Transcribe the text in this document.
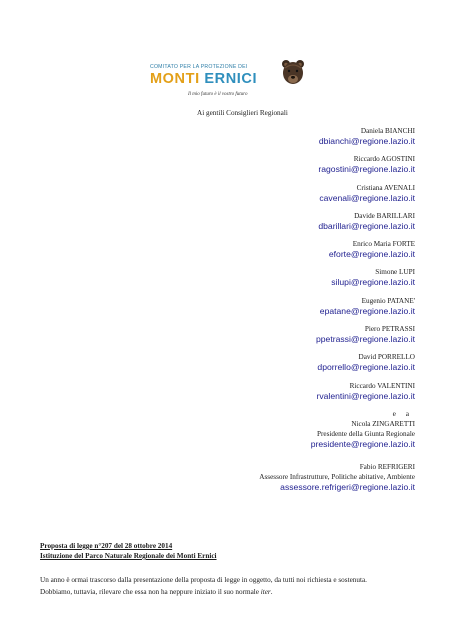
COMITATO PER LA PROTEZIONE DEI
MONTI ERNICI
Il mio futuro è il vostro futuro
Ai gentili Consiglieri Regionali
Daniela BIANCHI
dbianchi@regione.lazio.it
Riccardo AGOSTINI
ragostini@regione.lazio.it
Cristiana AVENALI
cavenali@regione.lazio.it
Davide BARILLARI
dbarillari@regione.lazio.it
Enrico Maria FORTE
eforte@regione.lazio.it
Simone LUPI
silupi@regione.lazio.it
Eugenio PATANE'
epatane@regione.lazio.it
Piero PETRASSI
ppetrassi@regione.lazio.it
David PORRELLO
dporrello@regione.lazio.it
Riccardo VALENTINI
rvalentini@regione.lazio.it
e a
Nicola ZINGARETTI
Presidente della Giunta Regionale
presidente@regione.lazio.it
Fabio REFRIGERI
Assessore Infrastrutture, Politiche abitative, Ambiente
assessore.refrigeri@regione.lazio.it
Proposta di legge n°207 del 28 ottobre 2014
Istituzione del Parco Naturale Regionale dei Monti Ernici
Un anno è ormai trascorso dalla presentazione della proposta di legge in oggetto, da tutti noi richiesta e sostenuta.
Dobbiamo, tuttavia, rilevare che essa non ha neppure iniziato il suo normale iter.
